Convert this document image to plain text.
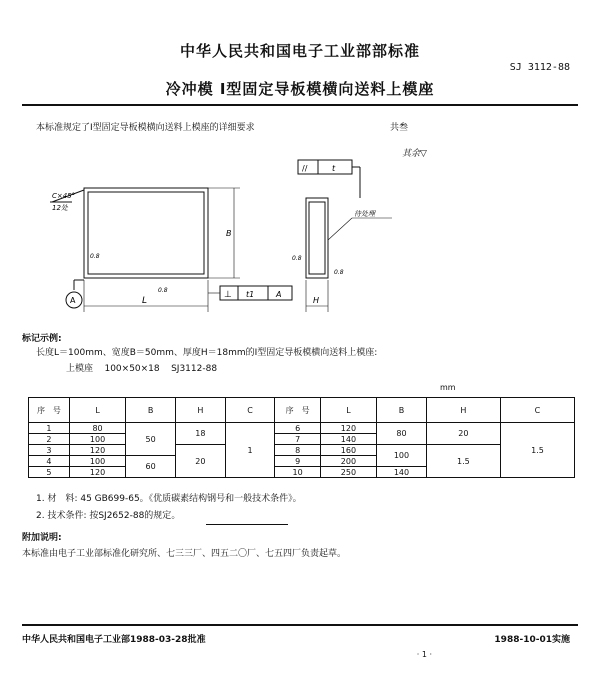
中华人民共和国电子工业部部标准
SJ 3112-88
冷冲模 I型固定导板模横向送料上模座
本标准规定了Ⅰ型固定导板模横向送料上模座的详细要求	共叁
其余▽
C×45°
12处
B
L
A
⊥ t1	A
//	t
待处理
H
0.8
0.8
0.8
0.8
标记示例:
长度L＝100mm、宽度B＝50mm、厚度H＝18mm的Ⅰ型固定导板模横向送料上模座:
上模座 100×50×18 SJ3112-88
mm
序　号	L	B	H	C	序　号	L	B	H	C
1	80	50	18	1	6	120	80	20	1.5
2	100				7	140			
3	120		20		8	160	100	1.5	
4	100	60			9	200			
5	120				10	250	140		
1. 材　料: 45 GB699-65。《优质碳素结构钢号和一般技术条件》。
2. 技术条件: 按SJ2652-88的规定。
附加说明:
本标准由电子工业部标准化研究所、七三三厂、四五二〇厂、七五四厂负责起草。
中华人民共和国电子工业部1988-03-28批准	1988-10-01实施
· 1 ·
